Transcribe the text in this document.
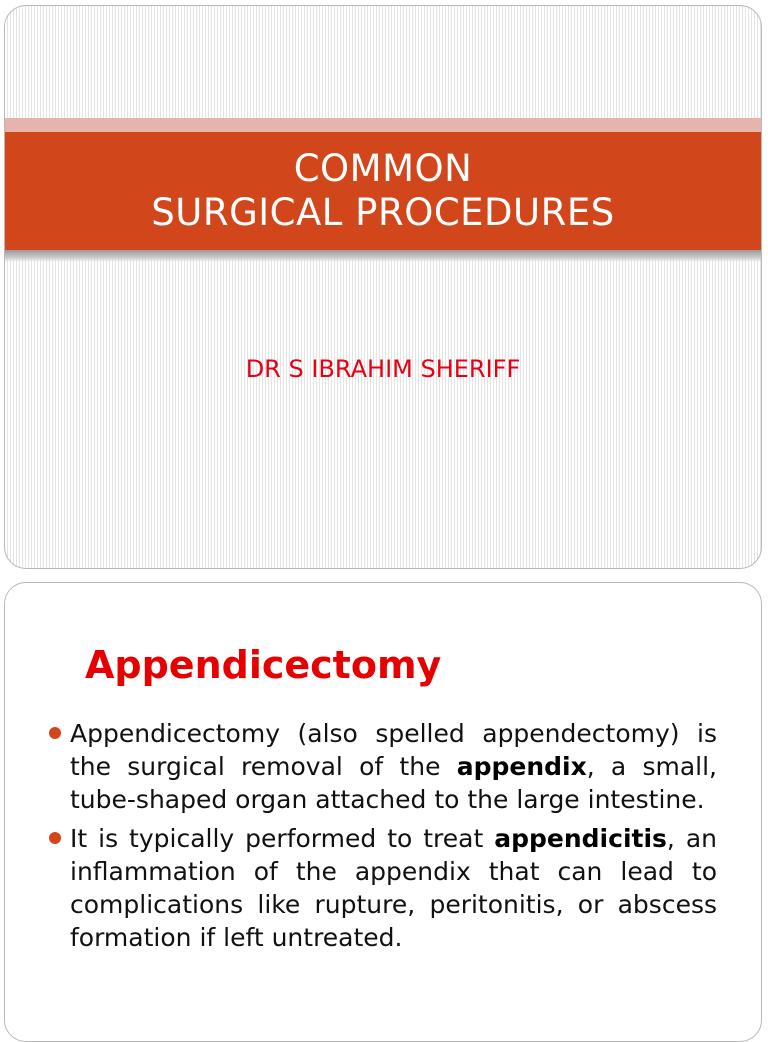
COMMON
SURGICAL PROCEDURES
DR S IBRAHIM SHERIFF
Appendicectomy
Appendicectomy (also spelled appendectomy) is the surgical removal of the appendix, a small, tube-shaped organ attached to the large intestine.
It is typically performed to treat appendicitis, an inflammation of the appendix that can lead to complications like rupture, peritonitis, or abscess formation if left untreated.
